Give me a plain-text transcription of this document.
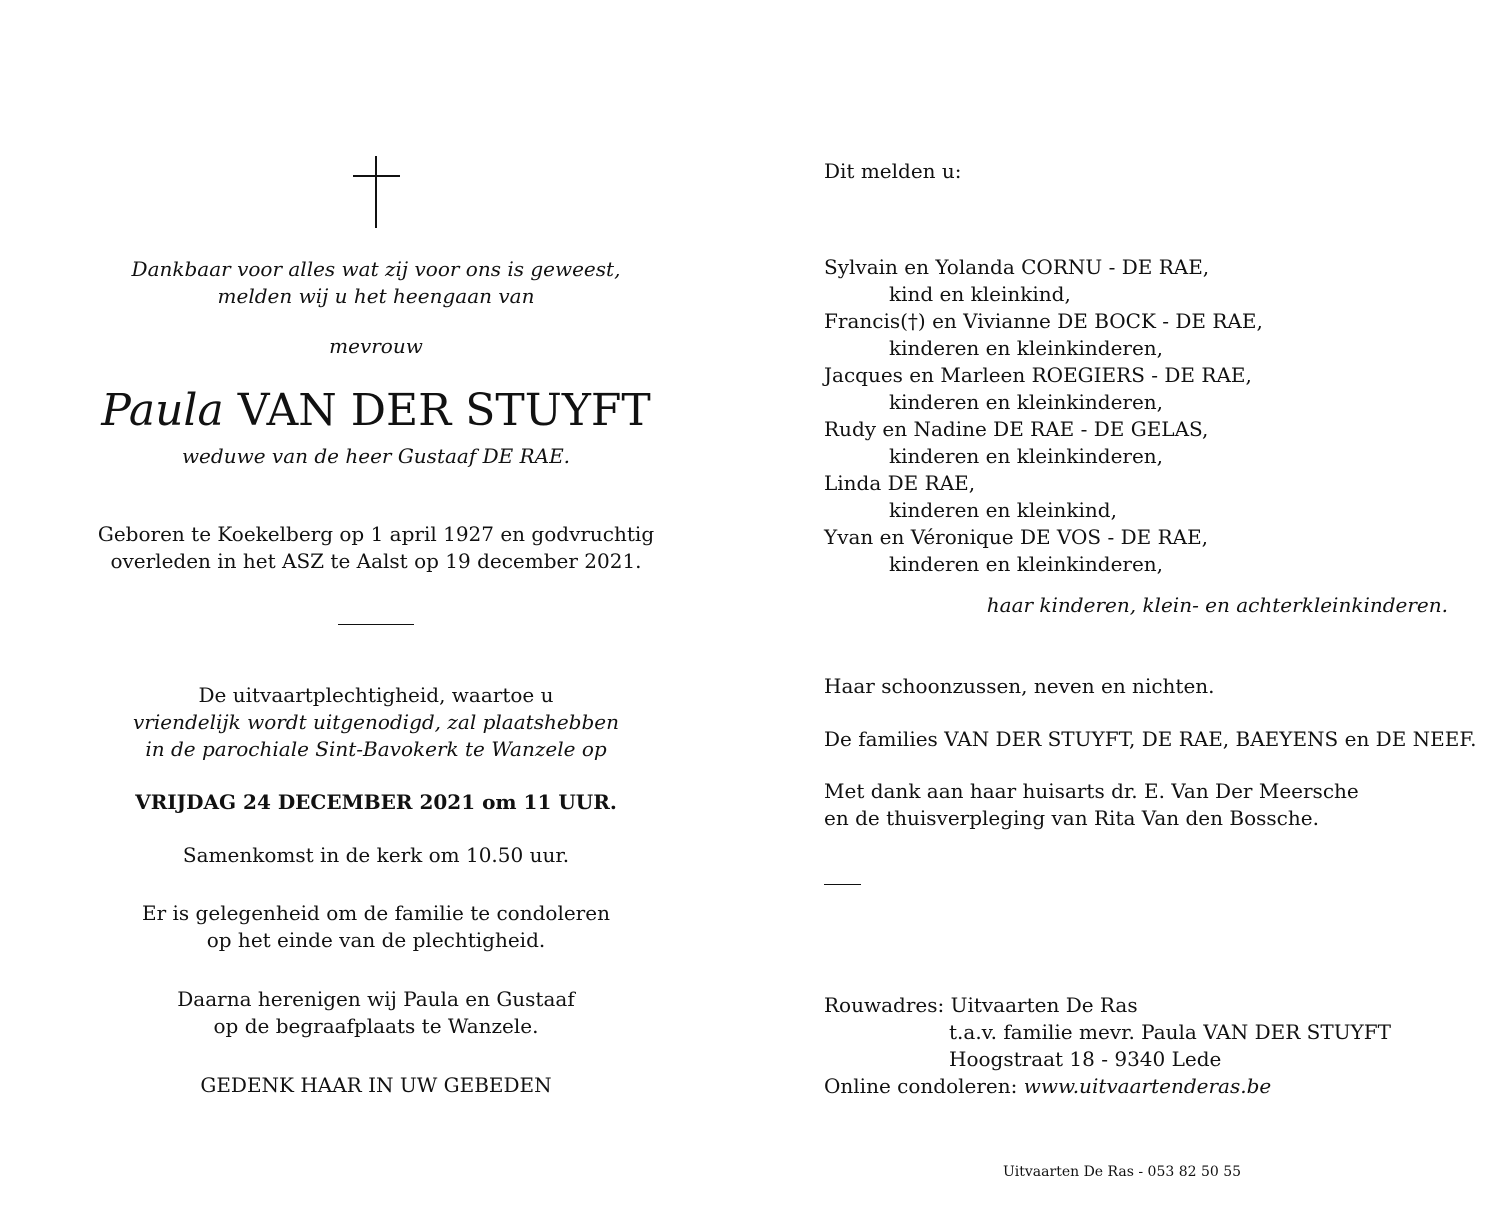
Dankbaar voor alles wat zij voor ons is geweest,
melden wij u het heengaan van
mevrouw
Paula VAN DER STUYFT
weduwe van de heer Gustaaf DE RAE.
Geboren te Koekelberg op 1 april 1927 en godvruchtig
overleden in het ASZ te Aalst op 19 december 2021.
De uitvaartplechtigheid, waartoe u
vriendelijk wordt uitgenodigd, zal plaatshebben
in de parochiale Sint-Bavokerk te Wanzele op
VRIJDAG 24 DECEMBER 2021 om 11 UUR.
Samenkomst in de kerk om 10.50 uur.
Er is gelegenheid om de familie te condoleren
op het einde van de plechtigheid.
Daarna herenigen wij Paula en Gustaaf
op de begraafplaats te Wanzele.
GEDENK HAAR IN UW GEBEDEN
Dit melden u:
Sylvain en Yolanda CORNU - DE RAE,
kind en kleinkind,
Francis(†) en Vivianne DE BOCK - DE RAE,
kinderen en kleinkinderen,
Jacques en Marleen ROEGIERS - DE RAE,
kinderen en kleinkinderen,
Rudy en Nadine DE RAE - DE GELAS,
kinderen en kleinkinderen,
Linda DE RAE,
kinderen en kleinkind,
Yvan en Véronique DE VOS - DE RAE,
kinderen en kleinkinderen,
haar kinderen, klein- en achterkleinkinderen.
Haar schoonzussen, neven en nichten.
De families VAN DER STUYFT, DE RAE, BAEYENS en DE NEEF.
Met dank aan haar huisarts dr. E. Van Der Meersche
en de thuisverpleging van Rita Van den Bossche.
Rouwadres: Uitvaarten De Ras
t.a.v. familie mevr. Paula VAN DER STUYFT
Hoogstraat 18 - 9340 Lede
Online condoleren: www.uitvaartenderas.be
Uitvaarten De Ras - 053 82 50 55
